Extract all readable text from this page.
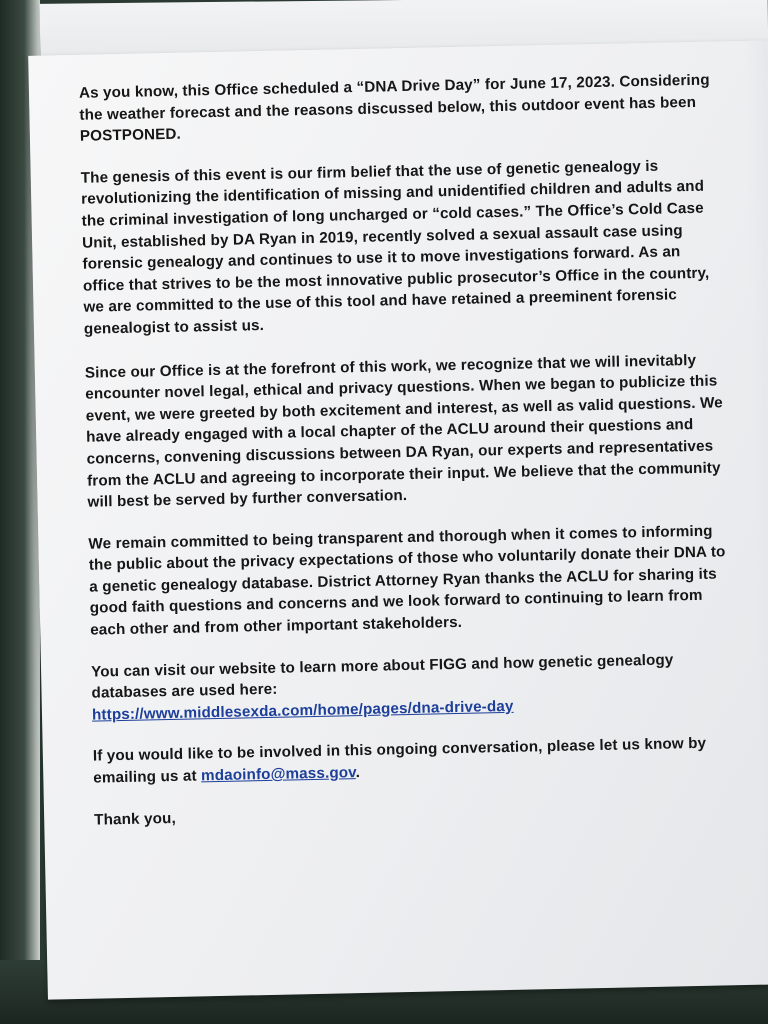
As you know, this Office scheduled a “DNA Drive Day” for June 17, 2023. Considering the weather forecast and the reasons discussed below, this outdoor event has been POSTPONED.

The genesis of this event is our firm belief that the use of genetic genealogy is revolutionizing the identification of missing and unidentified children and adults and the criminal investigation of long uncharged or “cold cases.” The Office’s Cold Case Unit, established by DA Ryan in 2019, recently solved a sexual assault case using forensic genealogy and continues to use it to move investigations forward. As an office that strives to be the most innovative public prosecutor’s Office in the country, we are committed to the use of this tool and have retained a preeminent forensic genealogist to assist us.

Since our Office is at the forefront of this work, we recognize that we will inevitably encounter novel legal, ethical and privacy questions. When we began to publicize this event, we were greeted by both excitement and interest, as well as valid questions. We have already engaged with a local chapter of the ACLU around their questions and concerns, convening discussions between DA Ryan, our experts and representatives from the ACLU and agreeing to incorporate their input. We believe that the community will best be served by further conversation.

We remain committed to being transparent and thorough when it comes to informing the public about the privacy expectations of those who voluntarily donate their DNA to a genetic genealogy database. District Attorney Ryan thanks the ACLU for sharing its good faith questions and concerns and we look forward to continuing to learn from each other and from other important stakeholders.

You can visit our website to learn more about FIGG and how genetic genealogy databases are used here:
https://www.middlesexda.com/home/pages/dna-drive-day

If you would like to be involved in this ongoing conversation, please let us know by emailing us at mdaoinfo@mass.gov.

Thank you,
